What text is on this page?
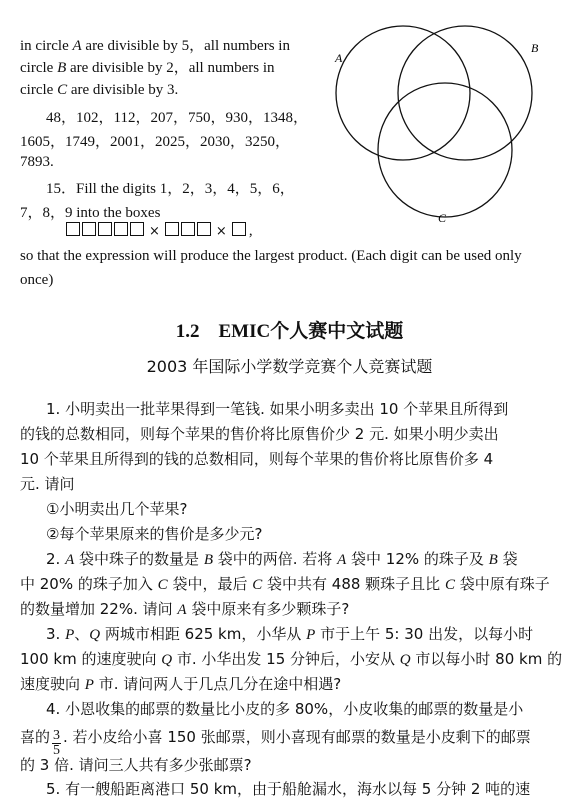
in circle A are divisible by 5，all numbers in
circle B are divisible by 2，all numbers in
circle C are divisible by 3.
48，102，112，207，750，930，1348，
1605，1749，2001，2025，2030，3250，
7893.
15．Fill the digits 1，2，3，4，5，6，
7，8，9 into the boxes
×	× ,
so that the expression will produce the largest product. (Each digit can be used only
once)
A
B
C
1.2　EMIC个人赛中文试题
2003 年国际小学数学竞赛个人竞赛试题
1. 小明卖出一批苹果得到一笔钱. 如果小明多卖出 10 个苹果且所得到
的钱的总数相同，则每个苹果的售价将比原售价少 2 元. 如果小明少卖出
10 个苹果且所得到的钱的总数相同，则每个苹果的售价将比原售价多 4
元. 请问
①小明卖出几个苹果?
②每个苹果原来的售价是多少元?
2. A 袋中珠子的数量是 B 袋中的两倍. 若将 A 袋中 12% 的珠子及 B 袋
中 20% 的珠子加入 C 袋中，最后 C 袋中共有 488 颗珠子且比 C 袋中原有珠子
的数量增加 22%. 请问 A 袋中原来有多少颗珠子?
3. P、Q 两城市相距 625 km，小华从 P 市于上午 5: 30 出发，以每小时
100 km 的速度驶向 Q 市. 小华出发 15 分钟后，小安从 Q 市以每小时 80 km 的
速度驶向 P 市. 请问两人于几点几分在途中相遇?
4. 小恩收集的邮票的数量比小皮的多 80%，小皮收集的邮票的数量是小
喜的 $\frac{3}{5}$ . 若小皮给小喜 150 张邮票，则小喜现有邮票的数量是小皮剩下的邮票
的 3 倍. 请问三人共有多少张邮票?
5. 有一艘船距离港口 50 km，由于船舱漏水，海水以每 5 分钟 2 吨的速
